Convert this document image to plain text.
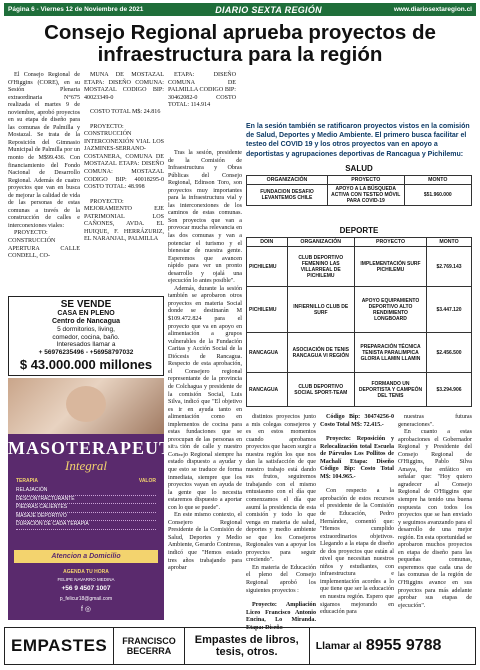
Página 6 - Viernes 12 de Noviembre de 2021	DIARIO SEXTA REGIÓN	www.diariosextaregion.cl
Consejo Regional aprueba proyectos de infraestructura para la región

El Consejo Regional de O'Higgins (CORE), en su Sesión Plenaria extraordinaria N°675 realizada el martes 9 de noviembre, aprobó proyectos en su etapa de diseño para las comunas de Palmilla y Mostazal. Se trata de la Reposición del Gimnasio Municipal de Palmilla por un monto de M$99.436. Con financiamiento del Fondo Nacional de Desarrollo Regional. Además de cuatro proyectos que van en busca de mejorar la calidad de vida de las personas de estas comunas a través de la construcción de calles e interconexiones viales:

PROYECTO: CONSTRUCCIÓN APERTURA CALLE CONDELL, CO-

MUNA DE MOSTAZAL ETAPA: DISEÑO COMUNA: MOSTAZAL CODIGO BIP: 40023349-0

COSTO TOTAL M$: 24.816

PROYECTO: CONSTRUCCIÓN INTERCONEXIÓN VIAL LOS JAZMINES-SERRANO-COSTANERA, COMUNA DE MOSTAZAL ETAPA: DISEÑO COMUNA: MOSTAZAL CODIGO BIP: 40018295-0 COSTO TOTAL: 48.998

PROYECTO: MEJORAMIENTO EJE PATRIMONIAL LOS CAÑONES, AVDA. EL HUIQUE, F. HERRÁZURIZ, EL NARANJAL, PALMILLA

ETAPA: DISEÑO COMUNA DE PALMILLA CODIGO BIP: 30462082-0 COSTO TOTAL: 114.914

Tras la sesión, presidente de la Comisión de Infraestructura y Obras Públicas del Consejo Regional, Edinson Toro, son proyectos muy importantes para la infraestructura vial y las interconexiones de los caminos de estas comunas. Son proyectos que van a provocar mucha relevancia en las dos comunas y van a potenciar el turismo y el bienestar de nuestra gente. Esperemos que avancen rápido para ver un pronto desarrollo y ojalá una ejecución lo antes posible".

Además, durante la sesión también se aprobaron otros proyectos en materia Social donde se destinarán M $109.472.824 para el proyecto que va en apoyo en alimentación a grupos vulnerables de la Fundación Caritas y Acción Social de la Diócesis de Rancagua. Respecto de esta aprobación, el Consejero regional representante de la provincia de Colchagua y presidente de la comisión Social, Luis Silva, indicó que "El objetivo es ir en ayuda tanto en alimentación como en implementos de cocina para estas fundaciones que se preocupan de las personas en situación de calle y nuestro Consejo Regional siempre ha estado dispuesto a ayudar y que esto se traduce de forma inmediata, siempre que los proyectos vayan en ayuda de la gente que lo necesita estaremos dispuesto a aportar con lo que se puede".

En este mismo contexto, el Consejero Regional Presidente de la Comisión de Salud, Deportes y Medio Ambiente, Gerardo Contreras, indicó que "Hemos estado tres años trabajando para aprobar

En la sesión también se ratificaron proyectos vistos en la comisión de Salud, Deportes y Medio Ambiente. El primero busca facilitar el testeo del COVID 19 y los otros proyectos van en apoyo a deportistas y agrupaciones deportivas de Rancagua y Pichilemu:
SALUD
ORGANIZACIÓN	PROYECTO	MONTO
FUNDACION DESAFIO LEVANTEMOS CHILE	APOYO A LA BÚSQUEDA ACTIVA CON TESTEO MÓVIL PARA COVID-19	$51.960.000
DEPORTE
DOIN	ORGANIZACIÓN	PROYECTO	MONTO
PICHILEMU	CLUB DEPORTIVO FEMENINO LAS VILLARREAL DE PICHILEMU	IMPLEMENTACIÓN SURF PICHILEMU	$2.769.143
PICHILEMU	INFIERNILLO CLUB DE SURF	APOYO EQUIPAMIENTO DEPORTIVO ALTO RENDIMIENTO LONGBOARD	$3.447.120
RANCAGUA	ASOCIACIÓN DE TENIS RANCAGUA VI REGIÓN	PREPARACIÓN TÉCNICA TENISTA PARALIMPICA GLORIA LLAMIN LLAMIN	$2.456.500
RANCAGUA	CLUB DEPORTIVO SOCIAL SPORT-TEAM	FORMANDO UN DEPORTISTA Y CAMPEÓN DEL TENIS	$3.294.906

distintos proyectos junto a mis colegas consejeros y es en estos momentos cuando aprobamos proyectos que hacen surgir a nuestra región los que nos dan la satisfacción de que nuestro trabajo está dando sus frutos, seguiremos trabajando con el mismo entusiasmo con el día que comenzamos el día que asumí la presidencia de esta comisión y todo lo que venga en materia de salud, deportes y medio ambiente se que los Consejeros Regionales van a apoyar los proyectos para seguir creciendo".

En materia de Educación el pleno del Consejo Regional aprobó los siguientes proyectos :

Proyecto: Ampliación Liceo Francisco Antonio Encina, Lo Miranda. Etapa: Diseño

Código Bip: 30474256-0 Costo Total M$: 72.415.-

Proyecto: Reposición y Relocalización total Escuela de Párvulos Los Pollitos de Machalí Etapa: Diseño Código Bip: Costo Total M$: 104.965.-

Con respecto a la aprobación de estos recursos el presidente de la Comisión de Educación, Pedro Hernández, comentó que: "Hemos cumplido extraordinarios objetivos. Llegando a la etapa de diseño de dos proyectos que están al nivel que necesitan nuestros niños y estudiantes, con infraestructura e implementación acordes a lo que tiene que ser la educación en nuestra región. Espero que sigamos mejorando en educación para

nuestras futuras generaciones".

En cuanto a estas aprobaciones el Gobernador Regional y Presidente del Consejo Regional de O'Higgins, Pablo Silva Amaya, fue enfático en señalar que: "Hoy quiero agradecer al Consejo Regional de O'Higgins que siempre ha tenido una buena respuesta con todos los proyectos que se han enviado y seguimos avanzando para el desarrollo de una mejor región. En esta oportunidad se aprobaron muchos proyectos en etapa de diseño para las pequeñas comunas, esperemos que cada una de las comunas de la región de O'Higgins avance en sus proyectos para más adelante aprobar sus etapas de ejecución".

SE VENDE
CASA EN PLENO
Centro de Nancagua
5 dormitorios, living,
comedor, cocina, baño.
Interesados llamar a
+ 56976235496 - +56958797032
$ 43.000.000 millones
MASOTERAPEUTA
Integral
TERAPIA	VALOR
RELAJACIÓN
DESCONTRACTURANTE
PIEDRAS CALIENTES
MASAJE DEPORTIVO
DURACIÓN DE CADA TERAPIA
Atencion a Domicilio
AGENDA TU HORA
FELIPE NAVARRO MEDINA
+56 9 4507 1007
p_felicur18@gmail.com
f ◎
EMPASTES	FRANCISCO
BECERRA
Empastes de libros,
tesis, otros.	Llamar al 8955 9788
